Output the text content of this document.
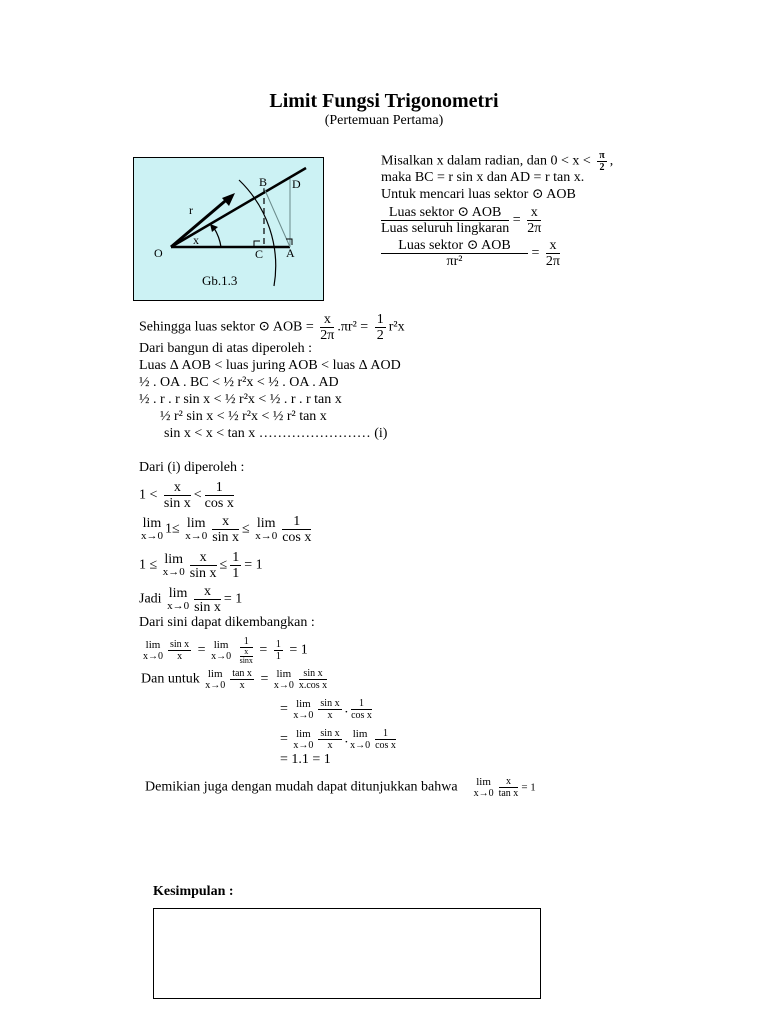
Limit Fungsi Trigonometri
(Pertemuan Pertama)
O	A
B
C
D
r
x
Gb.1.3
Misalkan x dalam radian, dan $0 < x < \frac{\pi}{2}$ ,
maka BC = r sin x dan AD = r tan x.
Untuk mencari luas sektor ⊙ AOB
$\frac{\text{Luas sektor ⊙ AOB}}{\text{Luas seluruh lingkaran}} = \frac{x}{2\pi}$
$\frac{\text{Luas sektor ⊙ AOB}}{\text{πr²}} = \frac{x}{2\pi}$
Sehingga luas sektor ⊙ AOB = $\frac{x}{2\pi} .\pi r^2 = \frac{1}{2} r^2x$
Dari bangun di atas diperoleh :
Luas Δ AOB < luas juring AOB < luas Δ AOD
½ . OA . BC < ½ r²x < ½ . OA . AD
½ . r . r sin x < ½ r²x < ½ . r . r tan x
½ r² sin x < ½ r²x < ½ r² tan x
sin x < x < tan x …………………… (i)
Dari (i) diperoleh :
$1 < \frac{x}{\text{sin x}} < \frac{1}{\text{cos x}}$
lim
x→0 1≤ lim
$x\to 0 \frac{x}{\text{sin x}} \le \lim$
$x\to 0 \frac{1}{\text{cos x}}$
1 ≤ lim
$x\to 0 \frac{x}{\text{sin x}} \le \frac{1}{1} = 1$
Jadi lim
$x\to 0 \frac{x}{\text{sin x}} = 1$
Dari sini dapat dikembangkan :
lim
$x\to 0 \frac{\text{sin x}}{x} = \lim$
x→0
$\frac{1}{\frac{x}{\sin x}} = \frac{1}{1} = 1$
Dan untuk lim
$x\to 0 \frac{\text{tan x}}{x} = \lim$
$x\to 0 \frac{\text{sin x}}{\text{x.cos x}}$
= lim
$x\to 0 \frac{\text{sin x}}{x}$ . $\frac{1}{\text{cos x}}$
= lim
$x\to 0 \frac{\text{sin x}}{x}$ . lim
$x\to 0 \frac{1}{\text{cos x}}$
= 1.1 = 1
Demikian juga dengan mudah dapat ditunjukkan bahwa lim
$x\to 0 \frac{x}{\text{tan x}} = 1$
Kesimpulan :
